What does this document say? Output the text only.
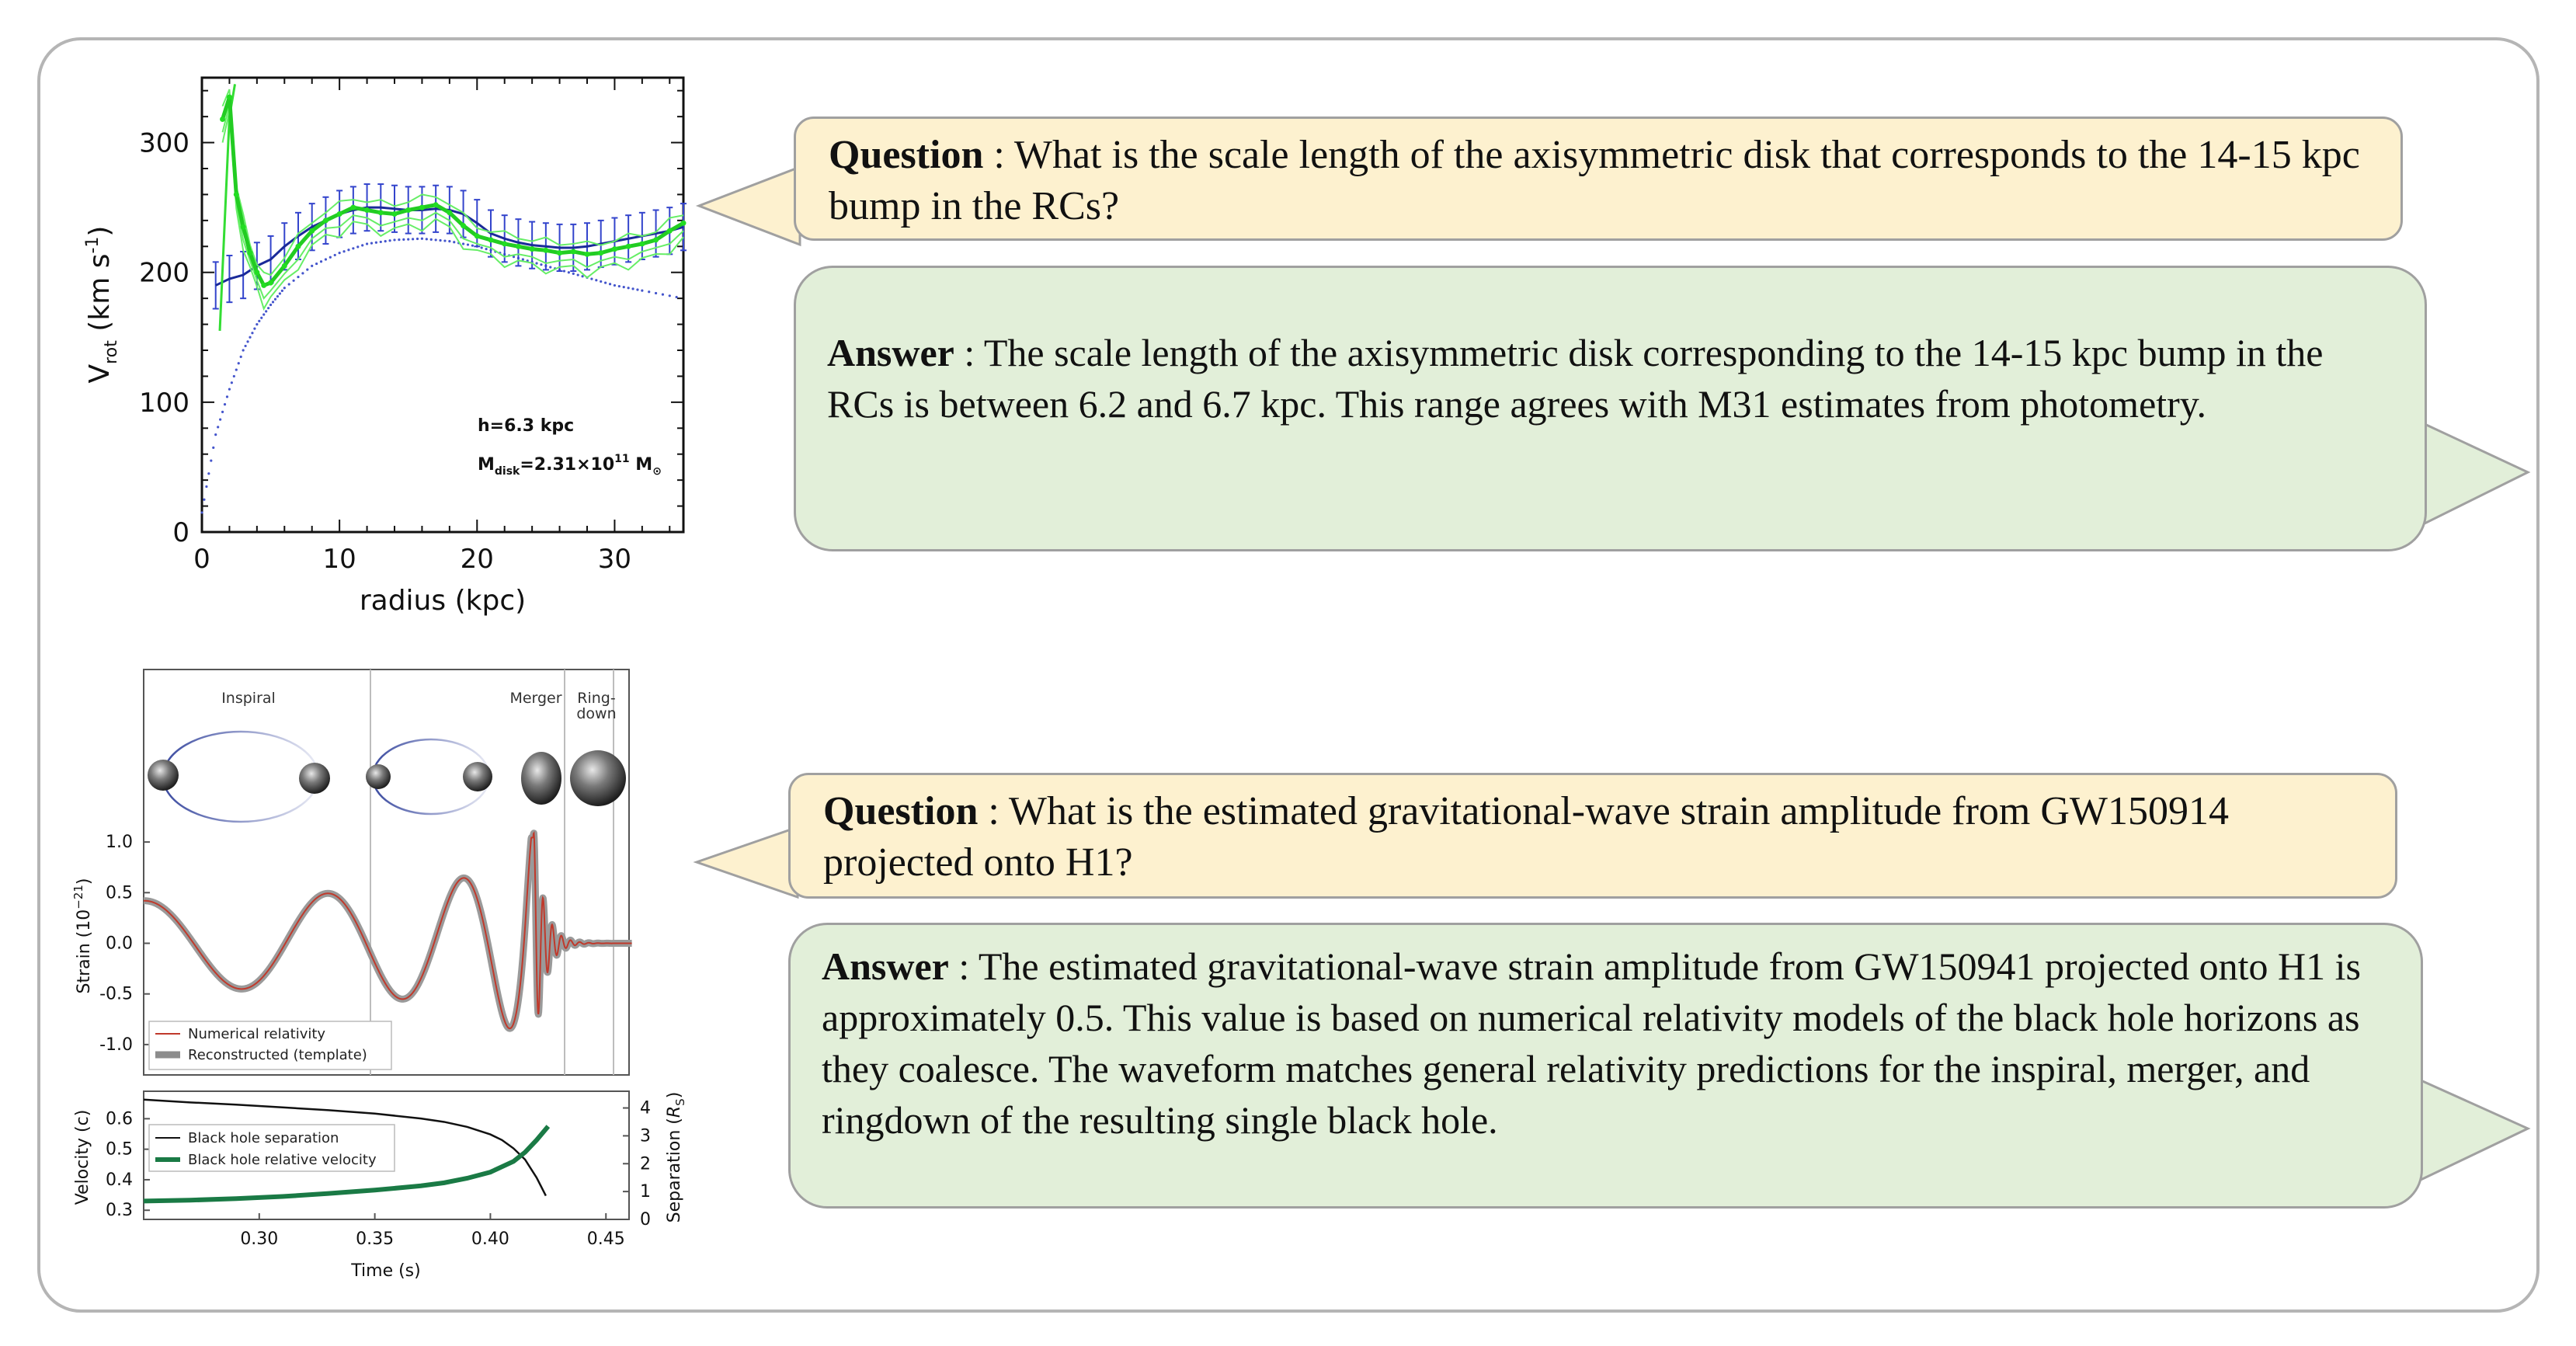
0	10	20	30
0
100
200
300
radius (kpc)
$V_{rot}$ (km $s^{-1}$)
h=6.3 kpc
$M_{disk}=2.31\times 10^{11}$ $M_⊙$
Inspiral	Merger Ring-down
1.0
0.5
0.0
-0.5
-1.0
Strain $(10^{-21})$
Numerical relativity
Reconstructed (template)
0.30	0.35	0.40	0.45
0.6
0.5
0.4
0.3
4
3
2
1
0
Black hole separation
Black hole relative velocity
Time (s)
Velocity (c)	Separation $(R_S)$
Question : What is the scale length of the axisymmetric disk that corresponds to the 14-15 kpc bump in the RCs?
Answer : The scale length of the axisymmetric disk corresponding to the 14-15 kpc bump in the RCs is between 6.2 and 6.7 kpc. This range agrees with M31 estimates from photometry.
Question : What is the estimated gravitational-wave strain amplitude from GW150914 projected onto H1?
Answer : The estimated gravitational-wave strain amplitude from GW150941 projected onto H1 is approximately 0.5. This value is based on numerical relativity models of the black hole horizons as they coalesce. The waveform matches general relativity predictions for the inspiral, merger, and ringdown of the resulting single black hole.
